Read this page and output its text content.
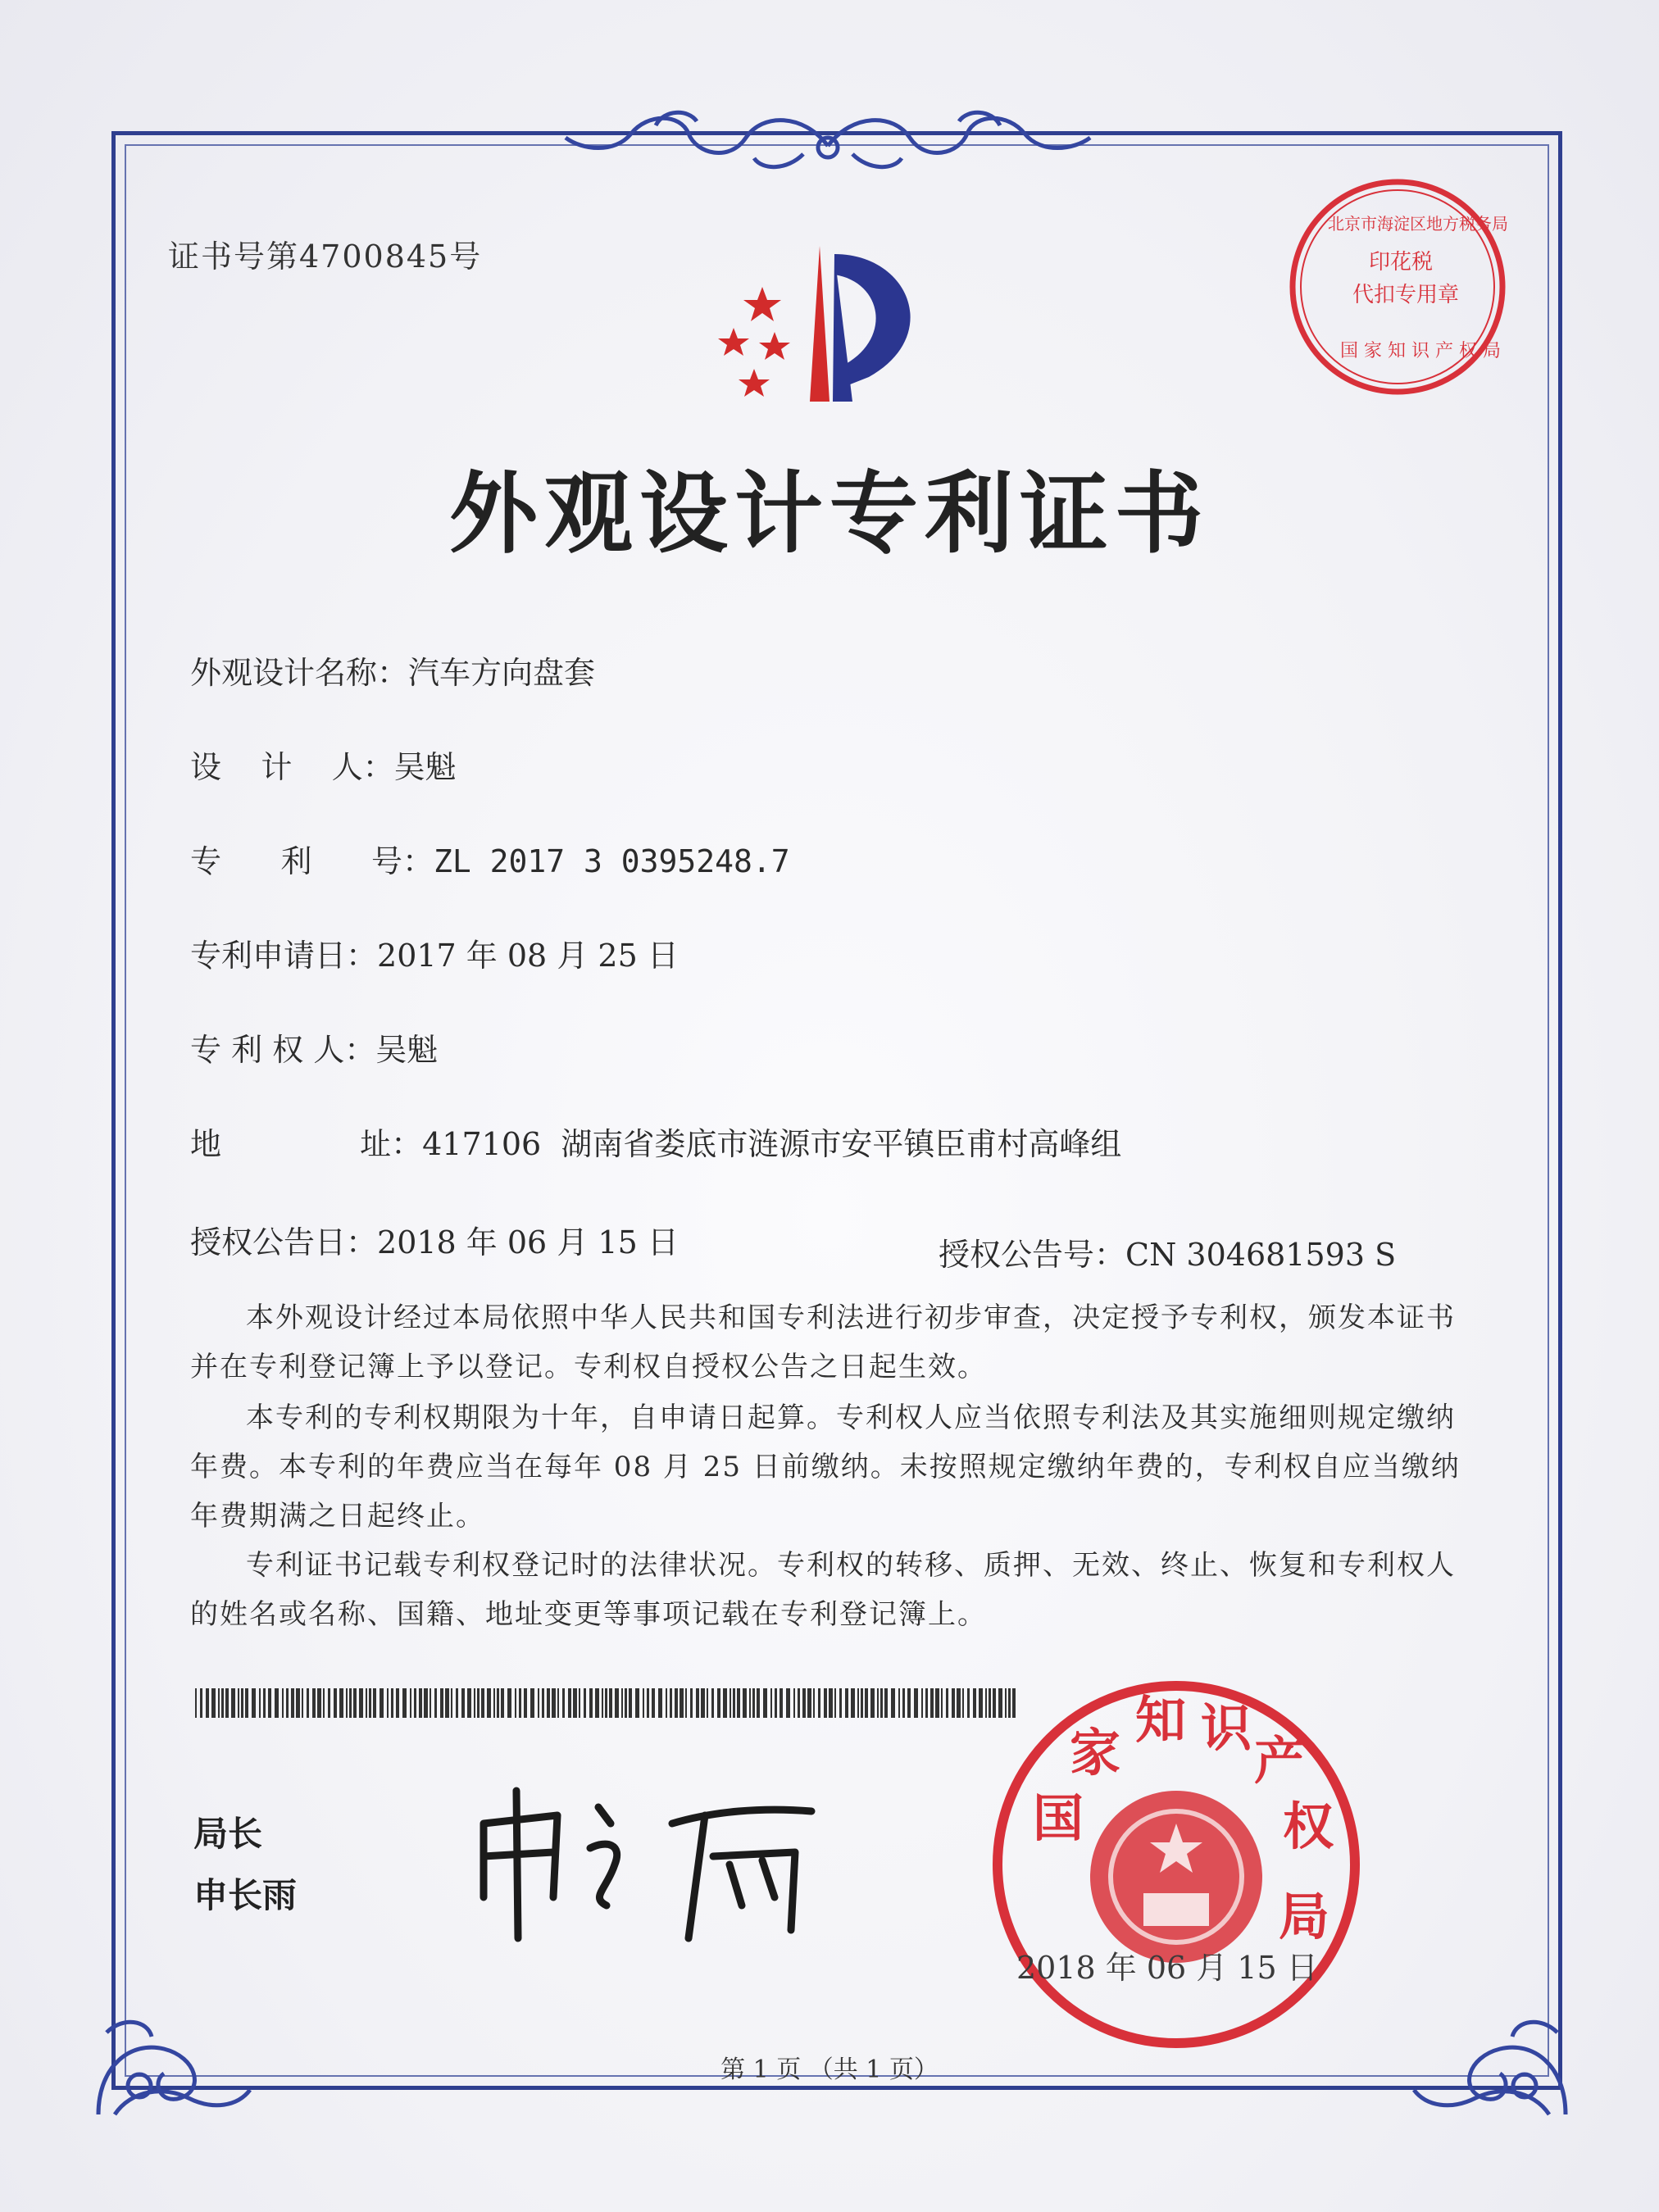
证书号第4700845号
外观设计专利证书
外观设计名称：汽车方向盘套
设    计    人：吴魁
专      利      号：ZL 2017 3 0395248.7
专利申请日：2017 年 08 月 25 日
专 利 权 人：吴魁
地              址：417106  湖南省娄底市涟源市安平镇臣甫村高峰组
授权公告日：2018 年 06 月 15 日	授权公告号：CN 304681593 S
本外观设计经过本局依照中华人民共和国专利法进行初步审查，决定授予专利权，颁发本证书并在专利登记簿上予以登记。专利权自授权公告之日起生效。
本专利的专利权期限为十年，自申请日起算。专利权人应当依照专利法及其实施细则规定缴纳年费。本专利的年费应当在每年 08 月 25 日前缴纳。未按照规定缴纳年费的，专利权自应当缴纳年费期满之日起终止。
专利证书记载专利权登记时的法律状况。专利权的转移、质押、无效、终止、恢复和专利权人的姓名或名称、国籍、地址变更等事项记载在专利登记簿上。
局长
申长雨
国
家
知 识
产
权
局
2018 年 06 月 15 日
印花税
代扣专用章
国 家 知 识 产 权 局
北京市海淀区地方税务局
第 1 页 （共 1 页）
